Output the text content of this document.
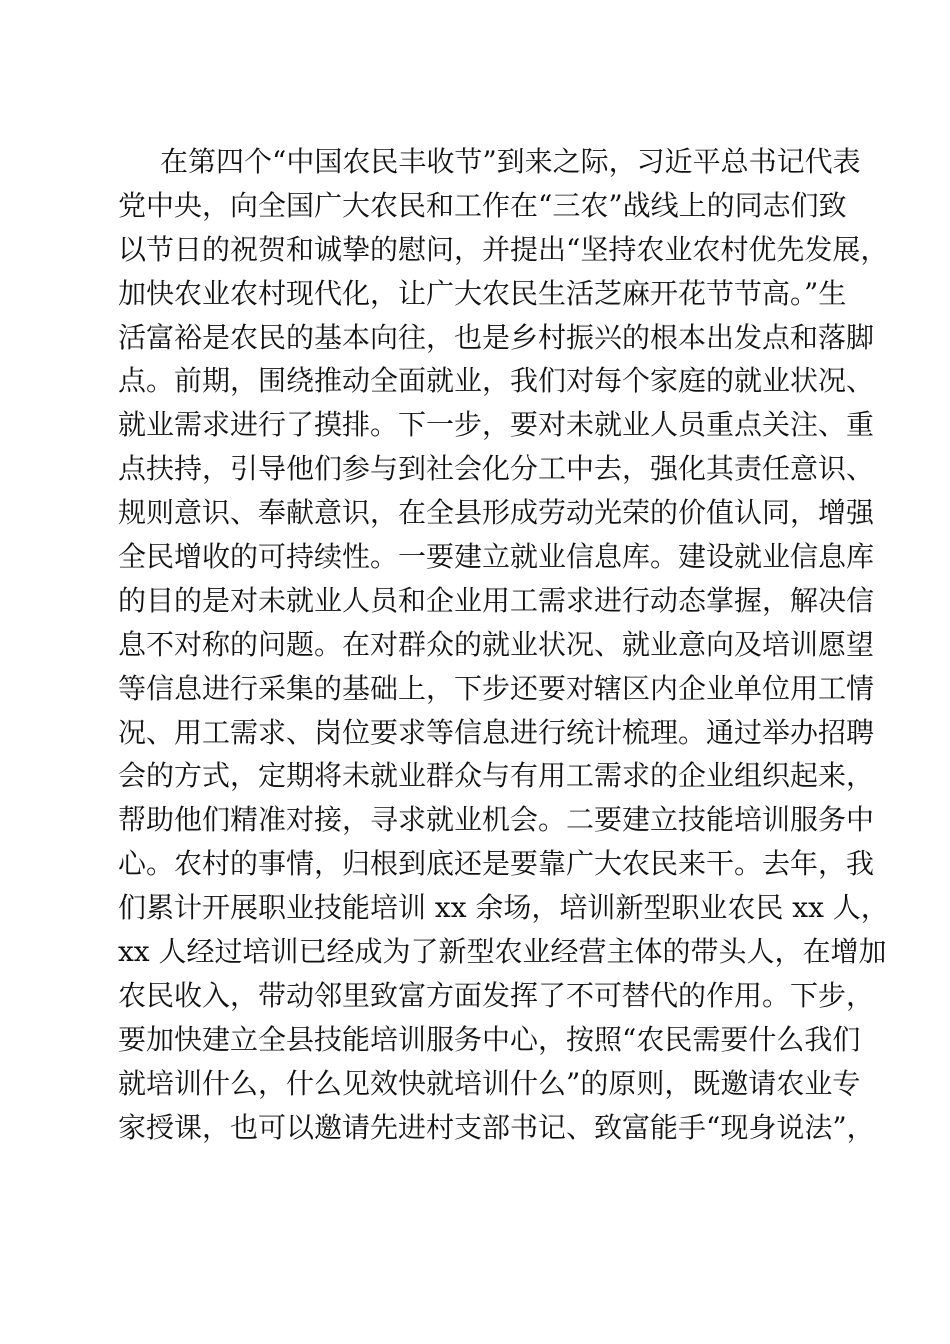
在第四个“中国农民丰收节”到来之际，习近平总书记代表
党中央，向全国广大农民和工作在“三农”战线上的同志们致
以节日的祝贺和诚挚的慰问，并提出“坚持农业农村优先发展，
加快农业农村现代化，让广大农民生活芝麻开花节节高。”生
活富裕是农民的基本向往，也是乡村振兴的根本出发点和落脚
点。前期，围绕推动全面就业，我们对每个家庭的就业状况、
就业需求进行了摸排。下一步，要对未就业人员重点关注、重
点扶持，引导他们参与到社会化分工中去，强化其责任意识、
规则意识、奉献意识，在全县形成劳动光荣的价值认同，增强
全民增收的可持续性。一要建立就业信息库。建设就业信息库
的目的是对未就业人员和企业用工需求进行动态掌握，解决信
息不对称的问题。在对群众的就业状况、就业意向及培训愿望
等信息进行采集的基础上，下步还要对辖区内企业单位用工情
况、用工需求、岗位要求等信息进行统计梳理。通过举办招聘
会的方式，定期将未就业群众与有用工需求的企业组织起来，
帮助他们精准对接，寻求就业机会。二要建立技能培训服务中
心。农村的事情，归根到底还是要靠广大农民来干。去年，我
们累计开展职业技能培训 xx 余场，培训新型职业农民 xx 人，
xx 人经过培训已经成为了新型农业经营主体的带头人，在增加
农民收入，带动邻里致富方面发挥了不可替代的作用。下步，
要加快建立全县技能培训服务中心，按照“农民需要什么我们
就培训什么，什么见效快就培训什么”的原则，既邀请农业专
家授课，也可以邀请先进村支部书记、致富能手“现身说法”，
